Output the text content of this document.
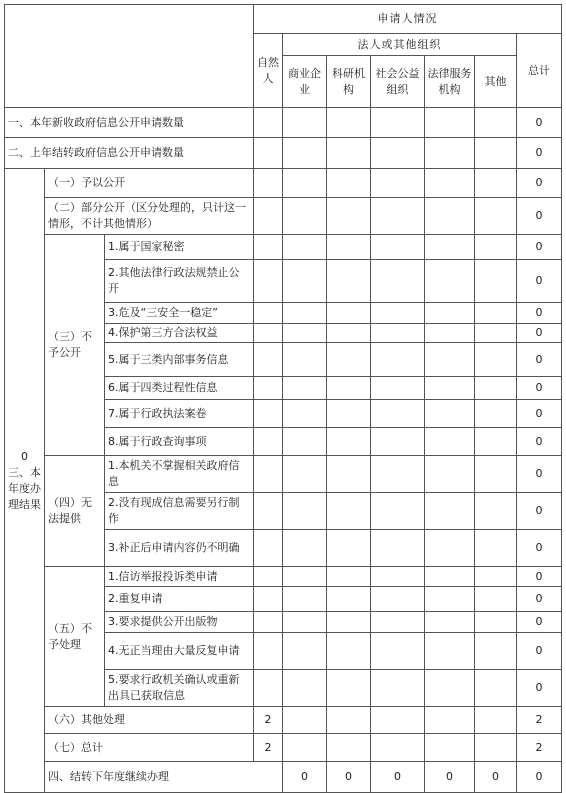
			申请人情况							
			自然人	法人或其他组织					总计	
				商业企业	科研机构	社会公益组织	法律服务机构	其他		
一、本年新收政府信息公开申请数量									0	
二、上年结转政府信息公开申请数量									0	
0
三、本年度办理结果	（一）予以公开								0	
	（二）部分公开（区分处理的，只计这一情形，不计其他情形）								0	
	（三）不予公开	1.属于国家秘密							0	
		2.其他法律行政法规禁止公开							0	
		3.危及“三安全一稳定”							0	
		4.保护第三方合法权益							0	
		5.属于三类内部事务信息							0	
		6.属于四类过程性信息							0	
		7.属于行政执法案卷							0	
		8.属于行政查询事项							0	
	（四）无法提供	1.本机关不掌握相关政府信息							0	
		2.没有现成信息需要另行制作							0	
		3.补正后申请内容仍不明确							0	
	（五）不予处理	1.信访举报投诉类申请							0	
		2.重复申请							0	
		3.要求提供公开出版物							0	
		4.无正当理由大量反复申请							0	
		5.要求行政机关确认或重新出具已获取信息							0	
	（六）其他处理		2						2	
	（七）总计		2						2	
	四、结转下年度继续办理			0	0	0	0	0	0	
